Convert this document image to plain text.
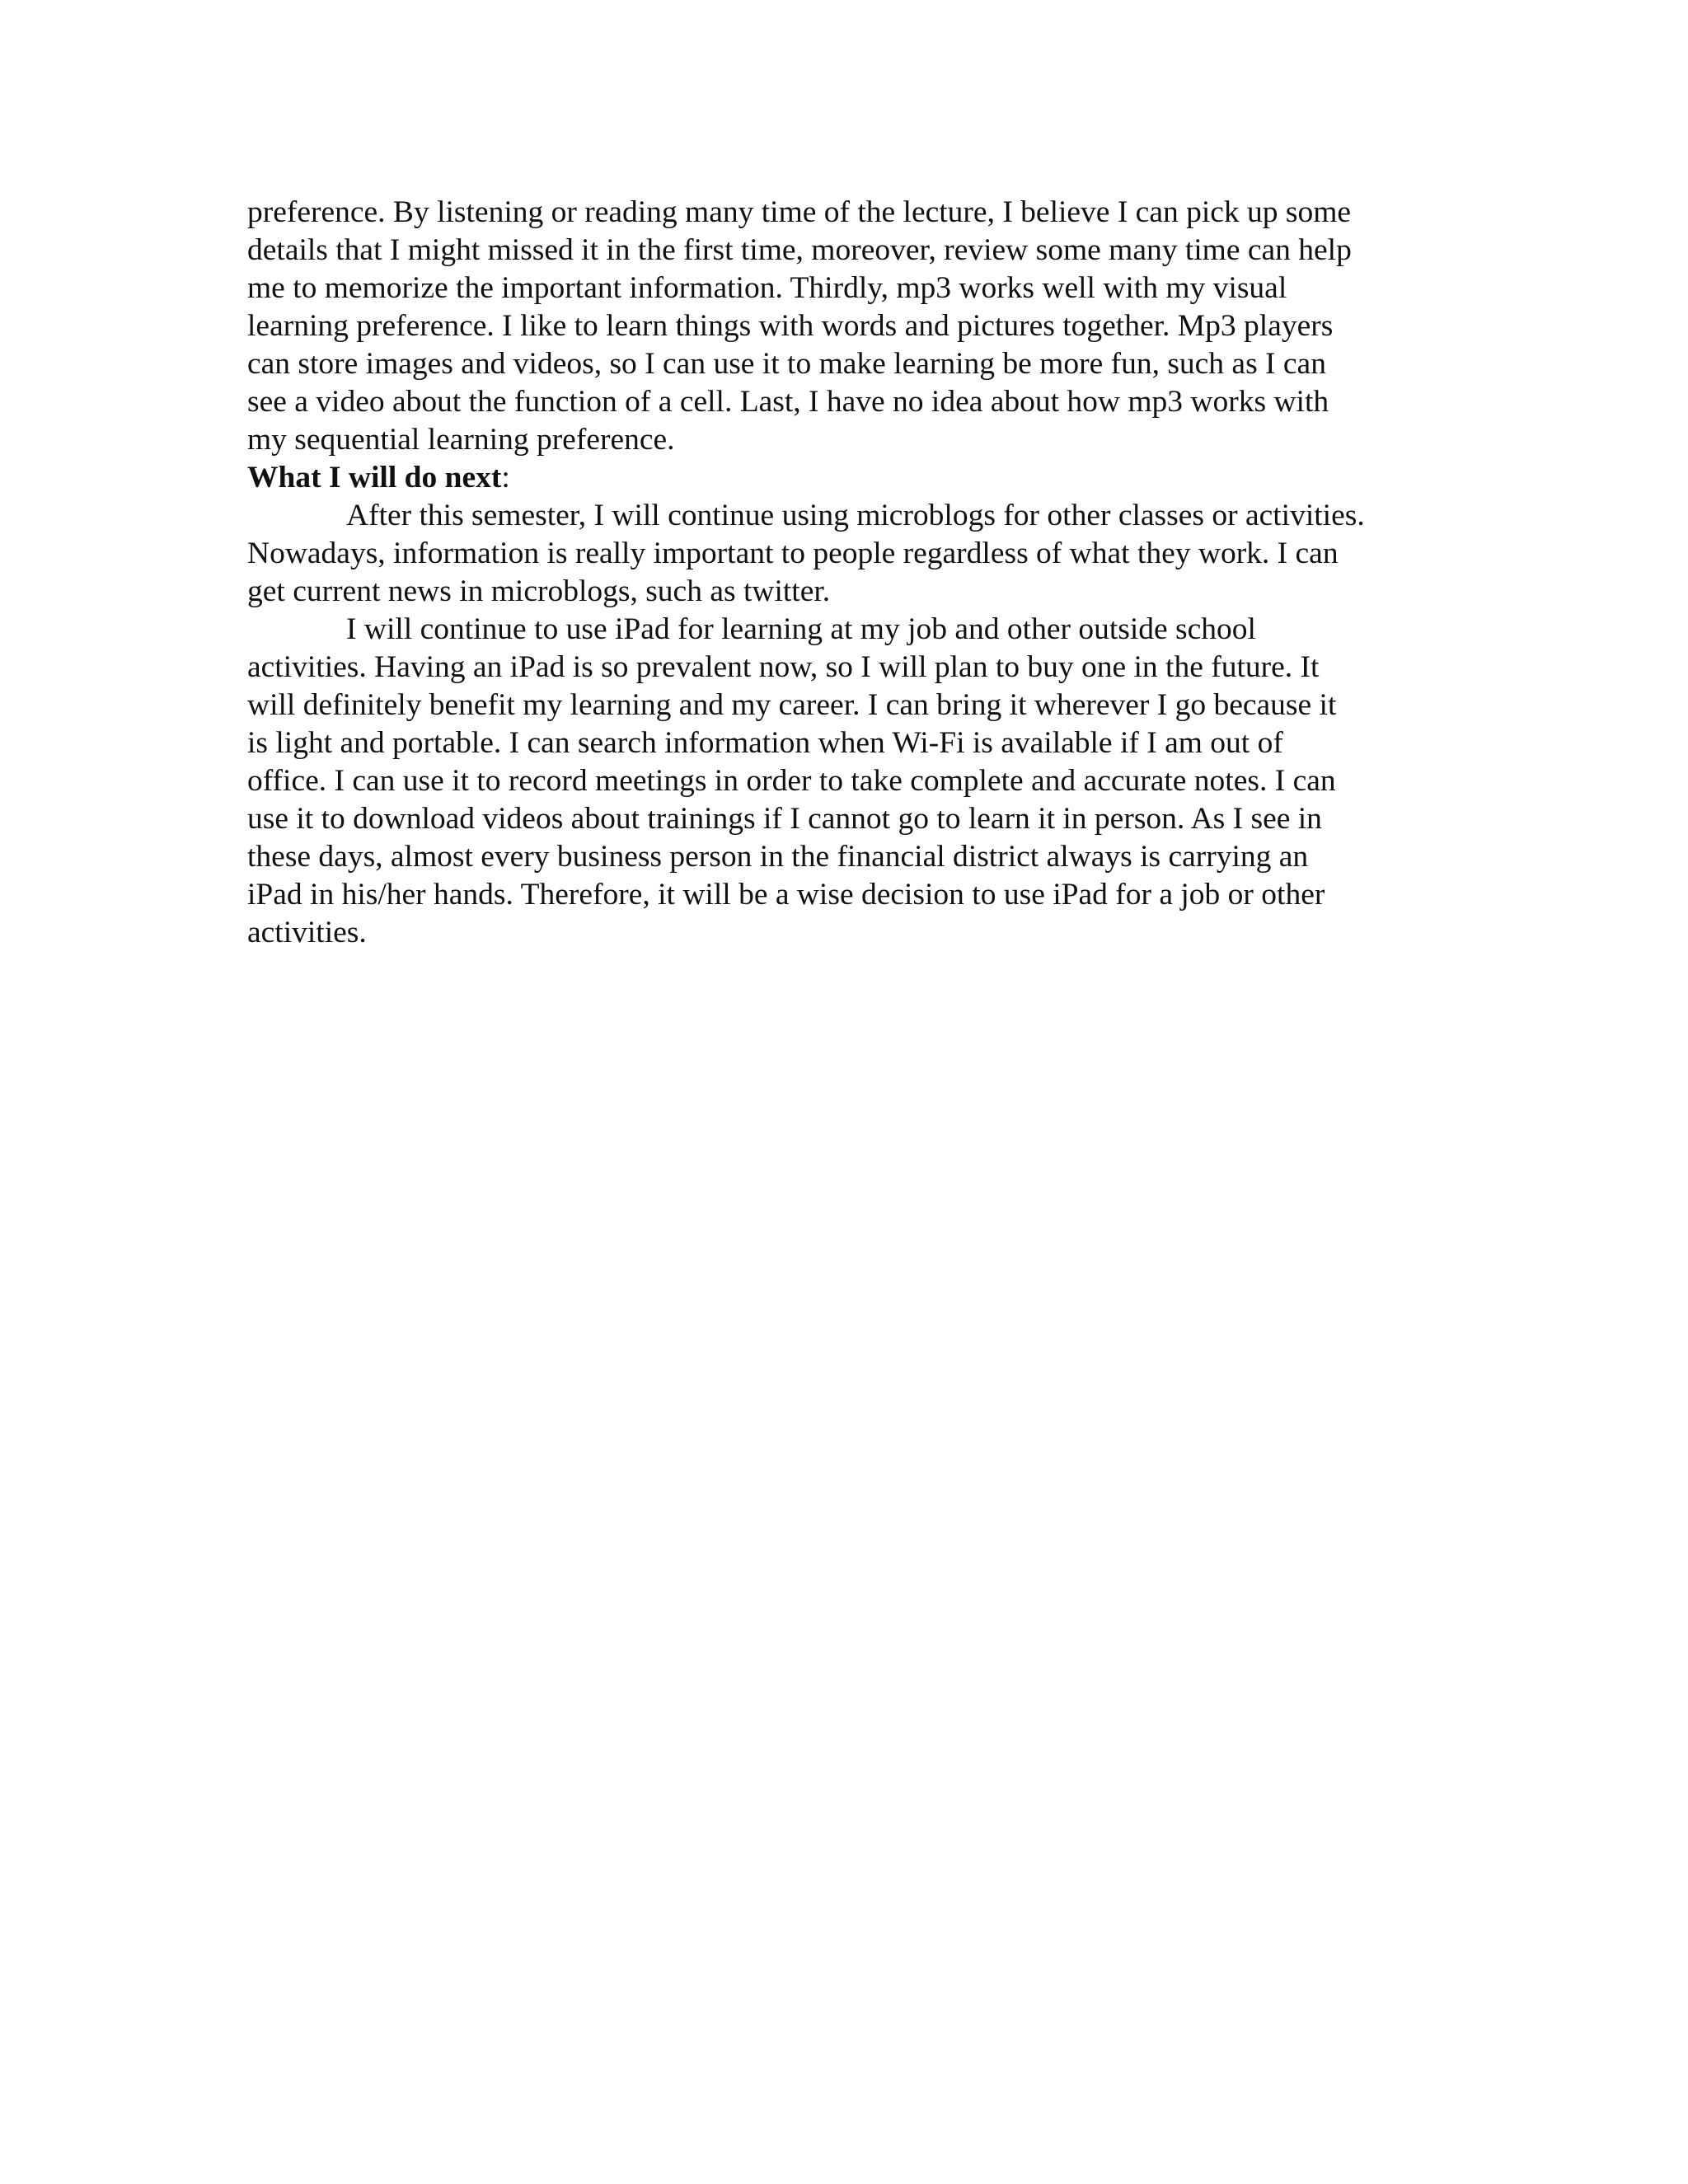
preference. By listening or reading many time of the lecture, I believe I can pick up some
details that I might missed it in the first time, moreover, review some many time can help
me to memorize the important information. Thirdly, mp3 works well with my visual
learning preference. I like to learn things with words and pictures together. Mp3 players
can store images and videos, so I can use it to make learning be more fun, such as I can
see a video about the function of a cell. Last, I have no idea about how mp3 works with
my sequential learning preference.
What I will do next:
After this semester, I will continue using microblogs for other classes or activities.
Nowadays, information is really important to people regardless of what they work. I can
get current news in microblogs, such as twitter.
I will continue to use iPad for learning at my job and other outside school
activities. Having an iPad is so prevalent now, so I will plan to buy one in the future. It
will definitely benefit my learning and my career. I can bring it wherever I go because it
is light and portable. I can search information when Wi-Fi is available if I am out of
office. I can use it to record meetings in order to take complete and accurate notes. I can
use it to download videos about trainings if I cannot go to learn it in person. As I see in
these days, almost every business person in the financial district always is carrying an
iPad in his/her hands. Therefore, it will be a wise decision to use iPad for a job or other
activities.
